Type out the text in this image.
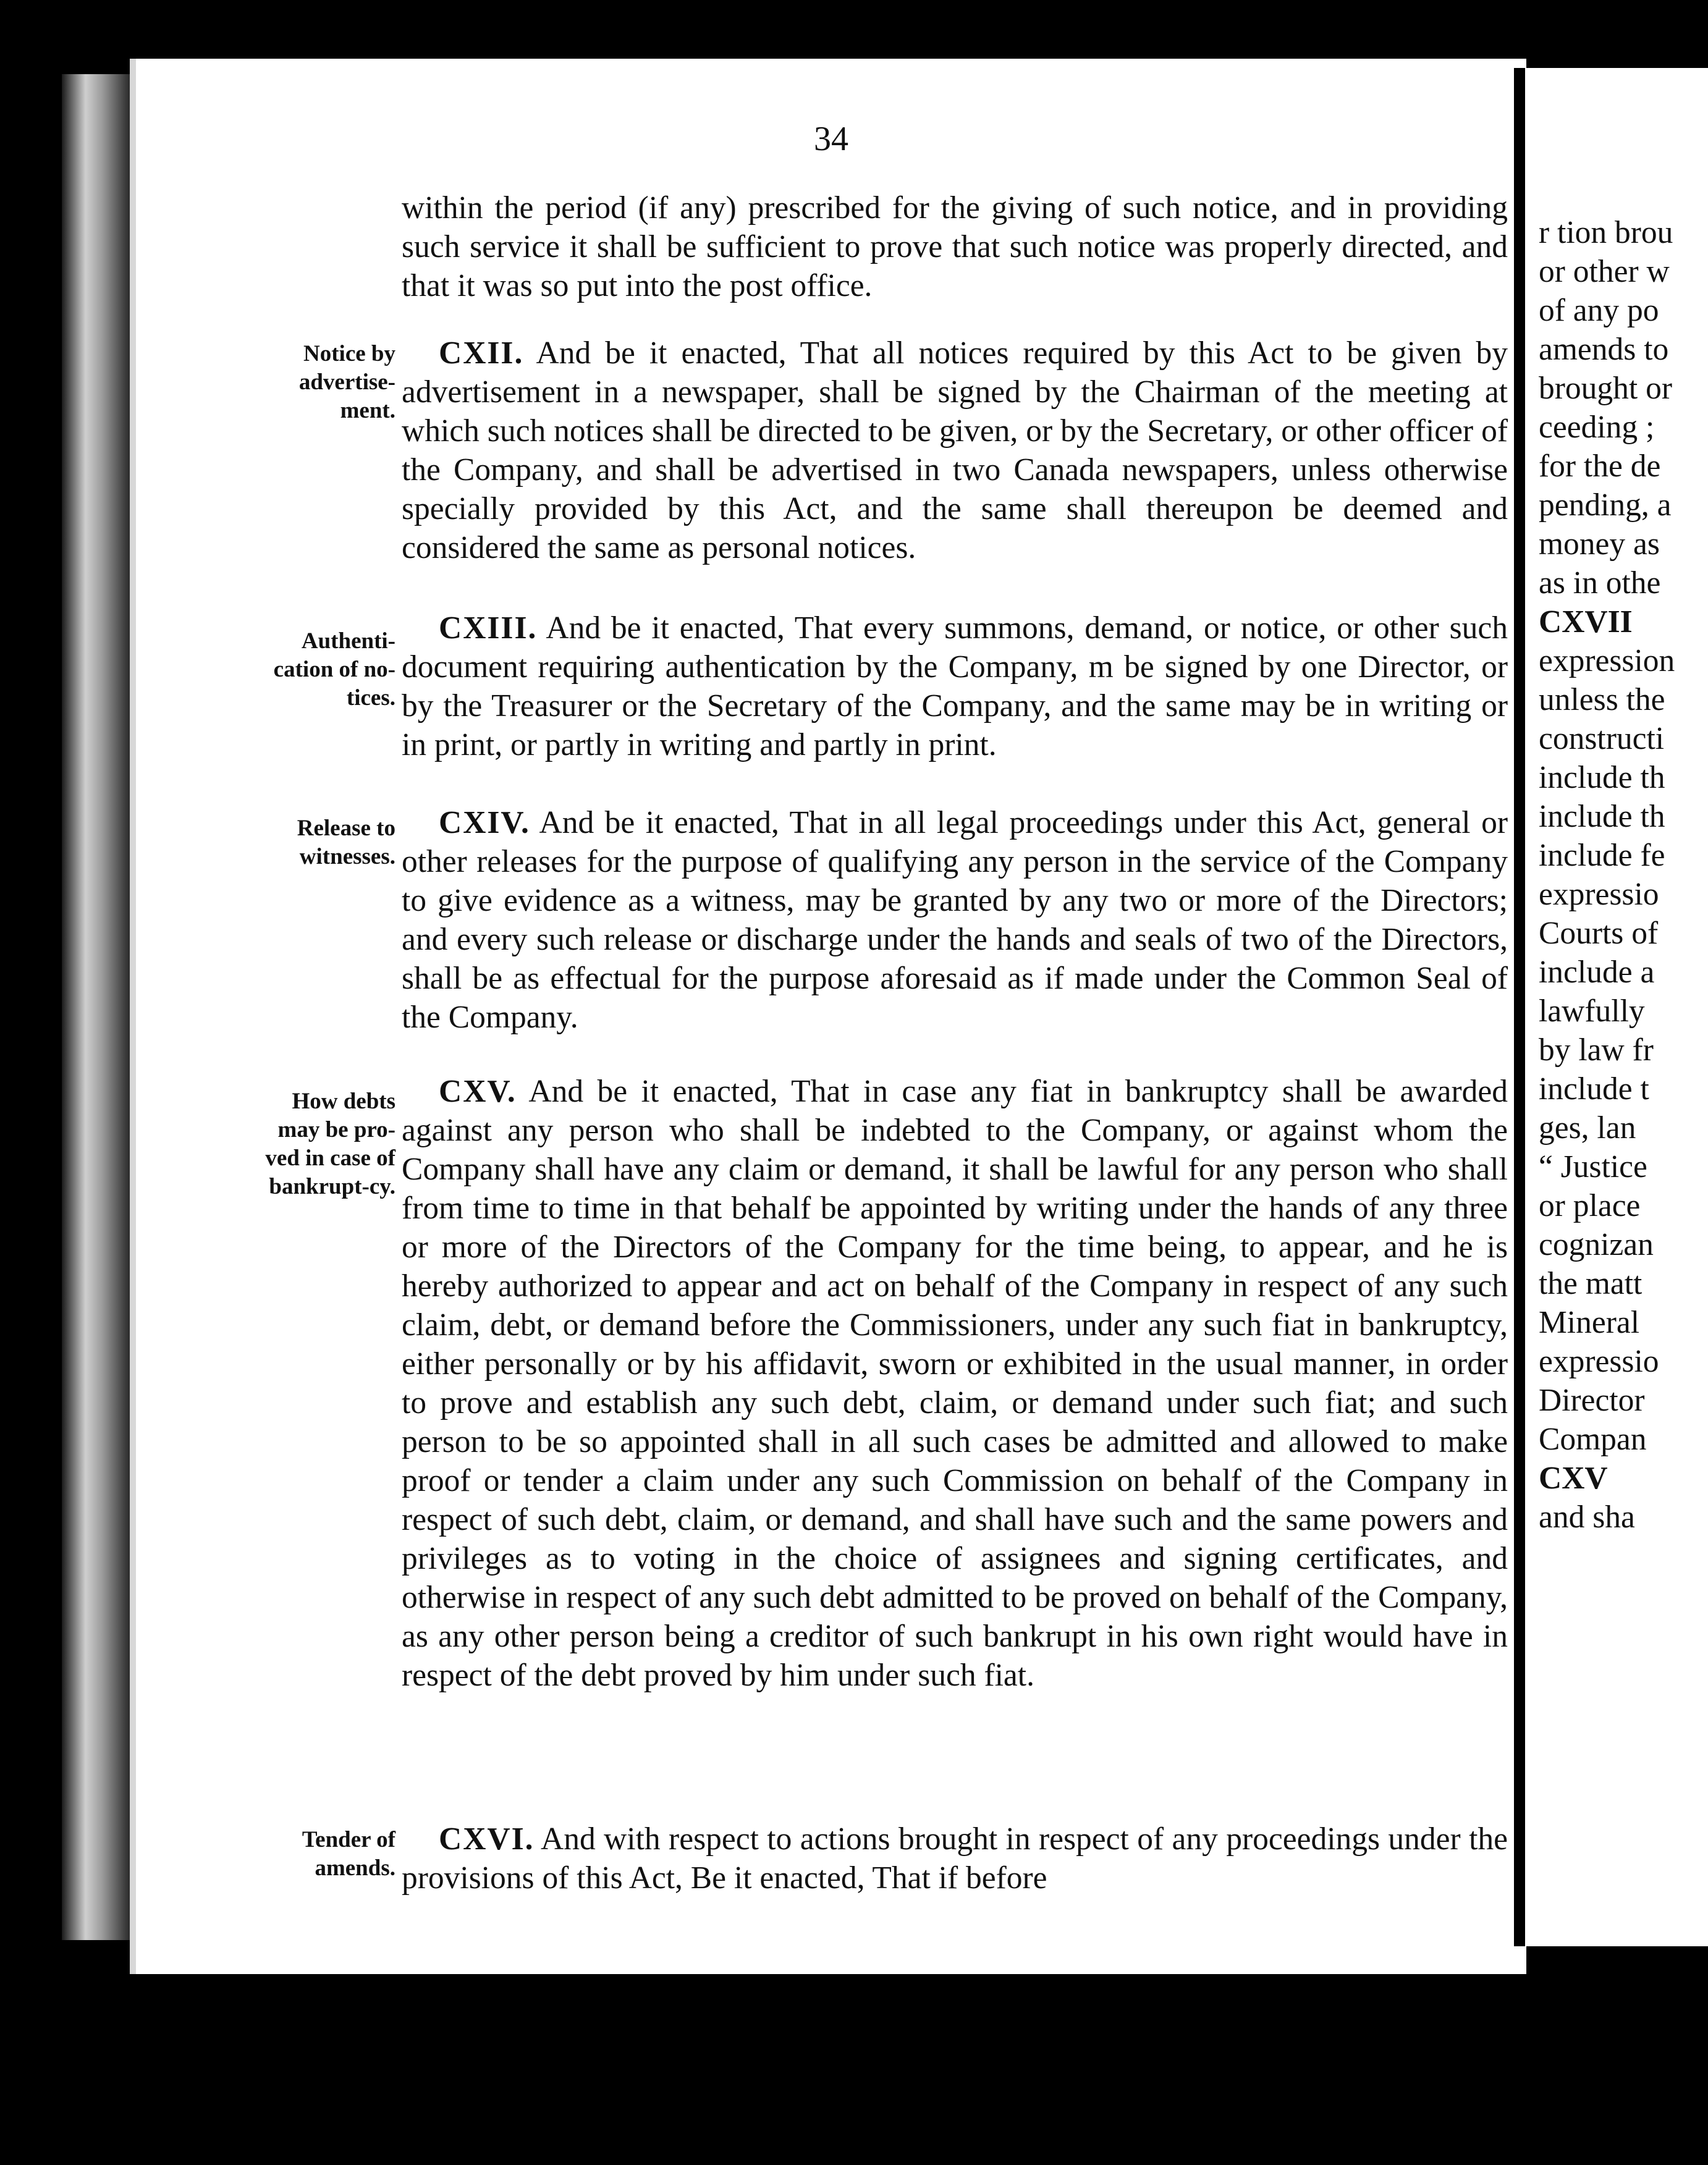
34

within the period (if any) prescribed for the giving of such notice, and in providing such service it shall be sufficient to prove that such notice was properly directed, and that it was so put into the post office.

Notice by advertise-ment.

CXII. And be it enacted, That all notices required by this Act to be given by advertisement in a newspaper, shall be signed by the Chairman of the meeting at which such notices shall be directed to be given, or by the Secretary, or other officer of the Company, and shall be advertised in two Canada newspapers, unless otherwise specially provided by this Act, and the same shall thereupon be deemed and considered the same as personal notices.

Authenti-cation of no-tices.

CXIII. And be it enacted, That every summons, demand, or notice, or other such document requiring authentication by the Company, m be signed by one Director, or by the Treasurer or the Secretary of the Company, and the same may be in writing or in print, or partly in writing and partly in print.

Release to witnesses.

CXIV. And be it enacted, That in all legal proceedings under this Act, general or other releases for the purpose of qualifying any person in the service of the Company to give evidence as a witness, may be granted by any two or more of the Directors; and every such release or discharge under the hands and seals of two of the Directors, shall be as effectual for the purpose aforesaid as if made under the Common Seal of the Company.

How debts may be pro-ved in case of bankrupt-cy.

CXV. And be it enacted, That in case any fiat in bankruptcy shall be awarded against any person who shall be indebted to the Company, or against whom the Company shall have any claim or demand, it shall be lawful for any person who shall from time to time in that behalf be appointed by writing under the hands of any three or more of the Directors of the Company for the time being, to appear, and he is hereby authorized to appear and act on behalf of the Company in respect of any such claim, debt, or demand before the Commissioners, under any such fiat in bankruptcy, either personally or by his affidavit, sworn or exhibited in the usual manner, in order to prove and establish any such debt, claim, or demand under such fiat; and such person to be so appointed shall in all such cases be admitted and allowed to make proof or tender a claim under any such Commission on behalf of the Company in respect of such debt, claim, or demand, and shall have such and the same powers and privileges as to voting in the choice of assignees and signing certificates, and otherwise in respect of any such debt admitted to be proved on behalf of the Company, as any other person being a creditor of such bankrupt in his own right would have in respect of the debt proved by him under such fiat.

Tender of amends.

CXVI. And with respect to actions brought in respect of any proceedings under the provisions of this Act, Be it enacted, That if before

r tion brou
or other w
of any po
amends to
brought or
ceeding ;
for the de
pending, a
money as
as in othe
CXVII
expression
unless the
constructi
include th
include th
include fe
expressio
Courts of
include a
lawfully
by law fr
include t
ges, lan
“ Justice
or place
cognizan
the matt
Mineral
expressio
Director
Compan
CXV
and sha
